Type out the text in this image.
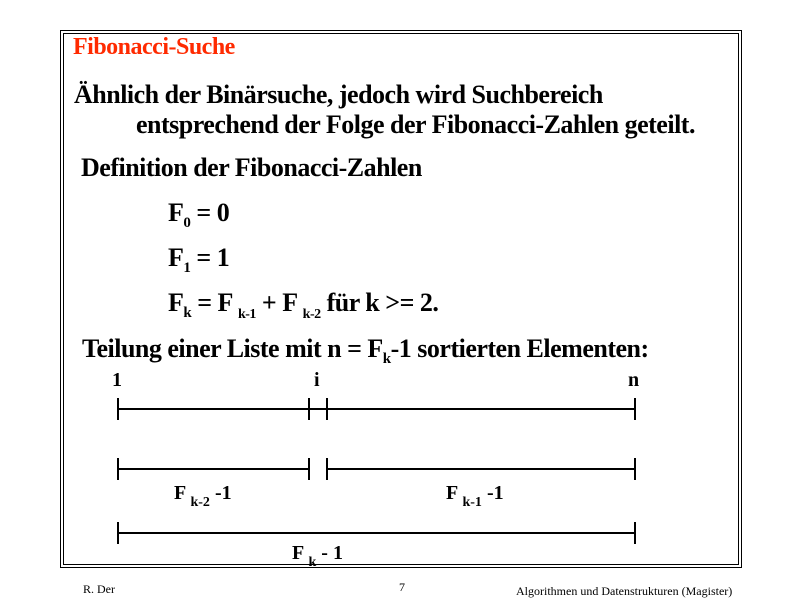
Fibonacci-Suche
Ähnlich der Binärsuche, jedoch wird Suchbereich
entsprechend der Folge der Fibonacci-Zahlen geteilt.
Definition der Fibonacci-Zahlen
$F_0 = 0$
$F_1 = 1$
$F_k = F$ $_{k-1}$ + F $_{k-2}$ für k >= 2.
Teilung einer Liste mit $n = F_k-1$ sortierten Elementen:
1	i	n
F $_{k-2}$ -1	F $_{k-1}$ -1
F $_k$ - 1
R. Der	7	Algorithmen und Datenstrukturen (Magister)
